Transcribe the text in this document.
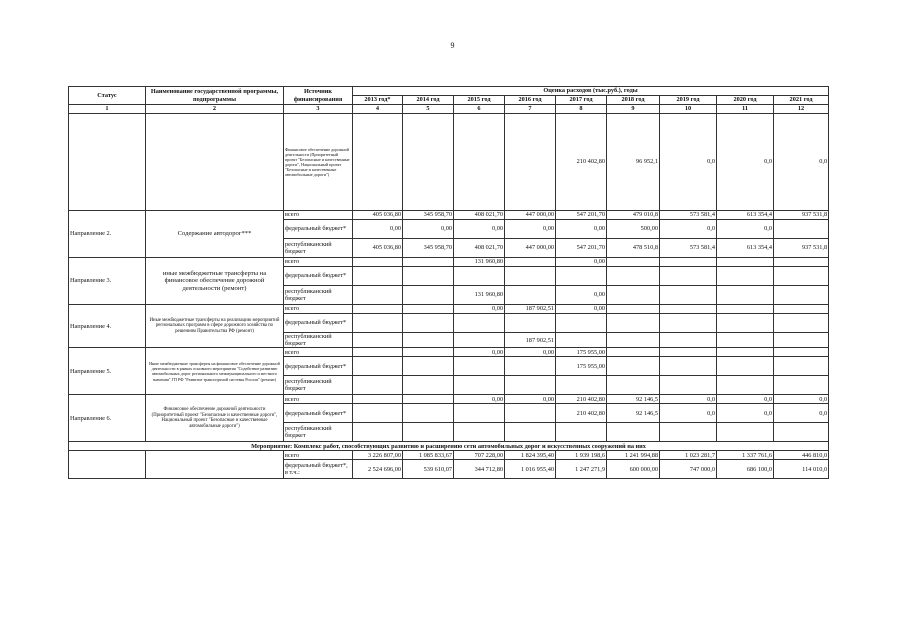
9
Статус	Наименование государственной программы, подпрограммы	Источник финансирования	Оценка расходов (тыс.руб.), годы								
			2013 год*	2014 год	2015 год	2016 год	2017 год	2018 год	2019 год	2020 год	2021 год
1	2	3	4	5	6	7	8	9	10	11	12
		Финансовое обеспечение дорожной деятельности (Приоритетный проект "Безопасные и качественные дороги", Национальный проект "Безопасные и качественные автомобильные дороги")					210 402,80	96 952,1	0,0	0,0	0,0
Направление 2.	Содержание автодорог***	всего	405 036,80	345 958,70	408 021,70	447 000,00	547 201,70	479 010,8	573 581,4	613 354,4	937 531,8
		федеральный бюджет*	0,00	0,00	0,00	0,00	0,00	500,00	0,0	0,0	
		республиканский бюджет	405 036,80	345 958,70	408 021,70	447 000,00	547 201,70	478 510,8	573 581,4	613 354,4	937 531,8
Направление 3.	иные межбюджетные трансферты на финансовое обеспечение дорожной деятельности (ремонт)	всего			131 960,80		0,00				
		федеральный бюджет*									
		республиканский бюджет			131 960,80		0,00				
Направление 4.	Иные межбюджетные трансферты на реализацию мероприятий региональных программ в сфере дорожного хозяйства по решениям Правительства РФ (ремонт)	всего			0,00	187 902,51	0,00				
		федеральный бюджет*									
		республиканский бюджет				187 902,51					
Направление 5.	Иные межбюджетные трансферты на финансовое обеспечение дорожной деятельности в рамках основного мероприятия "Содействие развитию автомобильных дорог регионального межмуниципального и местного значения" ГП РФ "Развитие транспортной системы России" (ремонт)	всего			0,00	0,00	175 955,00				
		федеральный бюджет*					175 955,00				
		республиканский бюджет									
Направление 6.	Финансовое обеспечение дорожной деятельности (Приоритетный проект "Безопасные и качественные дороги", Национальный проект "Безопасные и качественные автомобильные дороги")	всего			0,00	0,00	210 402,80	92 146,5	0,0	0,0	0,0
		федеральный бюджет*					210 402,80	92 146,5	0,0	0,0	0,0
		республиканский бюджет									
Мероприятие: Комплекс работ, способствующих развитию и расширению сети автомобильных дорог и искусственных сооружений на них											
		всего	3 226 807,00	1 085 833,67	707 228,00	1 824 395,40	1 939 198,6	1 241 994,88	1 023 281,7	1 337 761,6	446 810,0
		федеральный бюджет*, в т.ч.:	2 524 696,00	539 610,07	344 712,80	1 016 955,40	1 247 271,9	600 000,00	747 000,0	686 100,0	114 010,0
